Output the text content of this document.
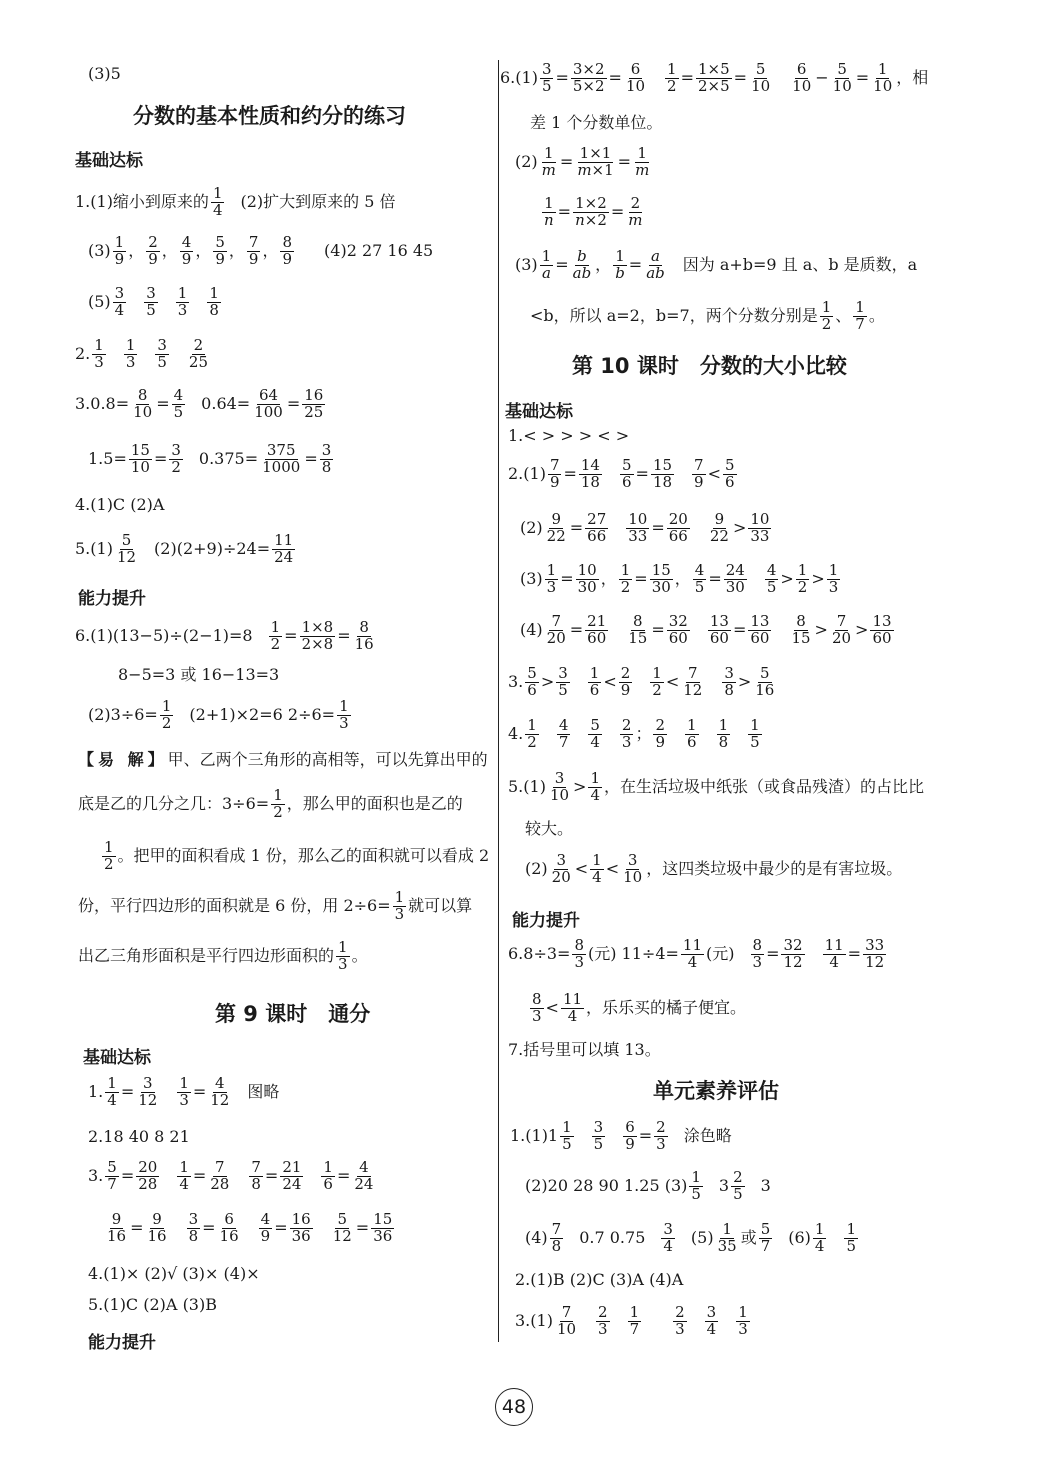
(3)5
分数的基本性质和约分的练习
基础达标
1.(1)缩小到原来的 1
4 (2)扩大到原来的 5 倍
(3) 1
9 ， 2
9 ， 4
9 ， 5
9 ， 7
9 ， 8
9 (4)2 27 16 45
(5) 3
4
3
5
1
3
1
8
2. 1
3
1
3
3
5
2
25
$3.0.8= \frac{8}{10} = 4$
5 $0.64= \frac{64}{100} = 16$
25
$1.5= \frac{15}{10} = 3$
2 $0.375= \frac{375}{1000} = 3$
8
4.(1)C (2)A
5.(1) 5
12 $(2)(2+9)\div 24= \frac{11}{24}$
能力提升
6.(1)(13−5)÷(2−1)=8 1
2 = 1×8
2×8 = 8
16
8−5=3 或 16−13=3
$(2)3\div 6= \frac{1}{2} (2+1)\times 2=6$ $2\div 6= \frac{1}{3}$
【易 解】 甲、乙两个三角形的高相等，可以先算出甲的
底是乙的几分之几：$3\div 6= \frac{1}{2}$ ，那么甲的面积也是乙的
1
2 。把甲的面积看成 1 份，那么乙的面积就可以看成 2
份，平行四边形的面积就是 6 份，用 $2\div 6= \frac{1}{3}$ 就可以算
出乙三角形面积是平行四边形面积的 1
3 。
第 9 课时　通分
基础达标
1. 1
4 = 3
12
1
3 = 4
12 图略
2.18 40 8 21
3. 5
7 = 20
28
1
4 = 7
28
7
8 = 21
24
1
6 = 4
24
9
16 = 9
16
3
8 = 6
16
4
9 = 16
36
5
12 = 15
36
4.(1)× (2)√ (3)× (4)×
5.(1)C (2)A (3)B
能力提升
6.(1) 3
5 = 3×2
5×2 = 6
10
1
2 = 1×5
2×5 = 5
10
6
10 − 5
10 = 1
10 ，相
差 1 个分数单位。
(2) 1
m = 1×1
m×1 = 1
m
1
n = 1×2
n×2 = 2
m
(3) 1
a = b
ab ， 1
b = a
ab 因为 a+b=9 且 a、b 是质数，a
<b，所以 a=2，b=7，两个分数分别是 1
2 、 1
7 。
第 10 课时　分数的大小比较
基础达标
1.< > > > < >
2.(1) 7
9 = 14
18
5
6 = 15
18
7
9 < 5
6
(2) 9
22 = 27
66
10
33 = 20
66
9
22 > 10
33
(3) 1
3 = 10
30 ， 1
2 = 15
30 ， 4
5 = 24
30
4
5 > 1
2 > 1
3
(4) 7
20 = 21
60
8
15 = 32
60
13
60 = 13
60
8
15 > 7
20 > 13
60
3. 5
6 > 3
5
1
6 < 2
9
1
2 < 7
12
3
8 > 5
16
4. 1
2
4
7
5
4
2
3 ； 2
9
1
6
1
8
1
5
5.(1) 3
10 > 1
4 ，在生活垃圾中纸张（或食品残渣）的占比比
较大。
(2) 3
20 < 1
4 < 3
10 ，这四类垃圾中最少的是有害垃圾。
能力提升
$6.8\div 3= \frac{8}{3}$ (元) $11\div 4= \frac{11}{4}$ (元) 8
3 = 32
12
11
4 = 33
12
8
3 < 11
4 ，乐乐买的橘子便宜。
7.括号里可以填 13。
单元素养评估
1.(1)1 1
5
3
5
6
9 = 2
3 涂色略
(2)20 28 90 1.25 (3) 1
5 3 2
5 3
(4) 7
8 0.7 0.75 3
4 (5) 1
35 或 5
7 (6) 1
4
1
5
2.(1)B (2)C (3)A (4)A
3.(1) 7
10
2
3
1
7
2
3
3
4
1
3
48
